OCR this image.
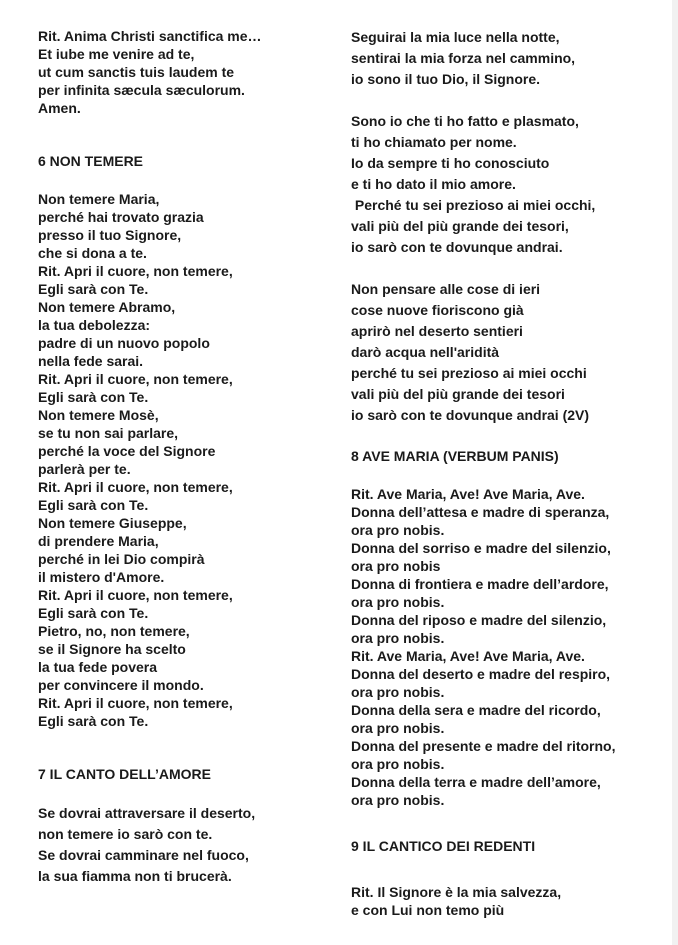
Rit. Anima Christi sanctifica me…
Et iube me venire ad te,
ut cum sanctis tuis laudem te
per infinita sæcula sæculorum.
Amen.
6 NON TEMERE
Non temere Maria,
perché hai trovato grazia
presso il tuo Signore,
che si dona a te.
Rit. Apri il cuore, non temere,
Egli sarà con Te.
Non temere Abramo,
la tua debolezza:
padre di un nuovo popolo
nella fede sarai.
Rit. Apri il cuore, non temere,
Egli sarà con Te.
Non temere Mosè,
se tu non sai parlare,
perché la voce del Signore
parlerà per te.
Rit. Apri il cuore, non temere,
Egli sarà con Te.
Non temere Giuseppe,
di prendere Maria,
perché in lei Dio compirà
il mistero d'Amore.
Rit. Apri il cuore, non temere,
Egli sarà con Te.
Pietro, no, non temere,
se il Signore ha scelto
la tua fede povera
per convincere il mondo.
Rit. Apri il cuore, non temere,
Egli sarà con Te.
7 IL CANTO DELL’AMORE
Se dovrai attraversare il deserto,
non temere io sarò con te.
Se dovrai camminare nel fuoco,
la sua fiamma non ti brucerà.
Seguirai la mia luce nella notte,
sentirai la mia forza nel cammino,
io sono il tuo Dio, il Signore.
Sono io che ti ho fatto e plasmato,
ti ho chiamato per nome.
Io da sempre ti ho conosciuto
e ti ho dato il mio amore.
Perché tu sei prezioso ai miei occhi,
vali più del più grande dei tesori,
io sarò con te dovunque andrai.
Non pensare alle cose di ieri
cose nuove fioriscono già
aprirò nel deserto sentieri
darò acqua nell'aridità
perché tu sei prezioso ai miei occhi
vali più del più grande dei tesori
io sarò con te dovunque andrai (2V)
8 AVE MARIA (VERBUM PANIS)
Rit. Ave Maria, Ave! Ave Maria, Ave.
Donna dell’attesa e madre di speranza,
ora pro nobis.
Donna del sorriso e madre del silenzio,
ora pro nobis
Donna di frontiera e madre dell’ardore,
ora pro nobis.
Donna del riposo e madre del silenzio,
ora pro nobis.
Rit. Ave Maria, Ave! Ave Maria, Ave.
Donna del deserto e madre del respiro,
ora pro nobis.
Donna della sera e madre del ricordo,
ora pro nobis.
Donna del presente e madre del ritorno,
ora pro nobis.
Donna della terra e madre dell’amore,
ora pro nobis.
9 IL CANTICO DEI REDENTI
Rit. Il Signore è la mia salvezza,
e con Lui non temo più
